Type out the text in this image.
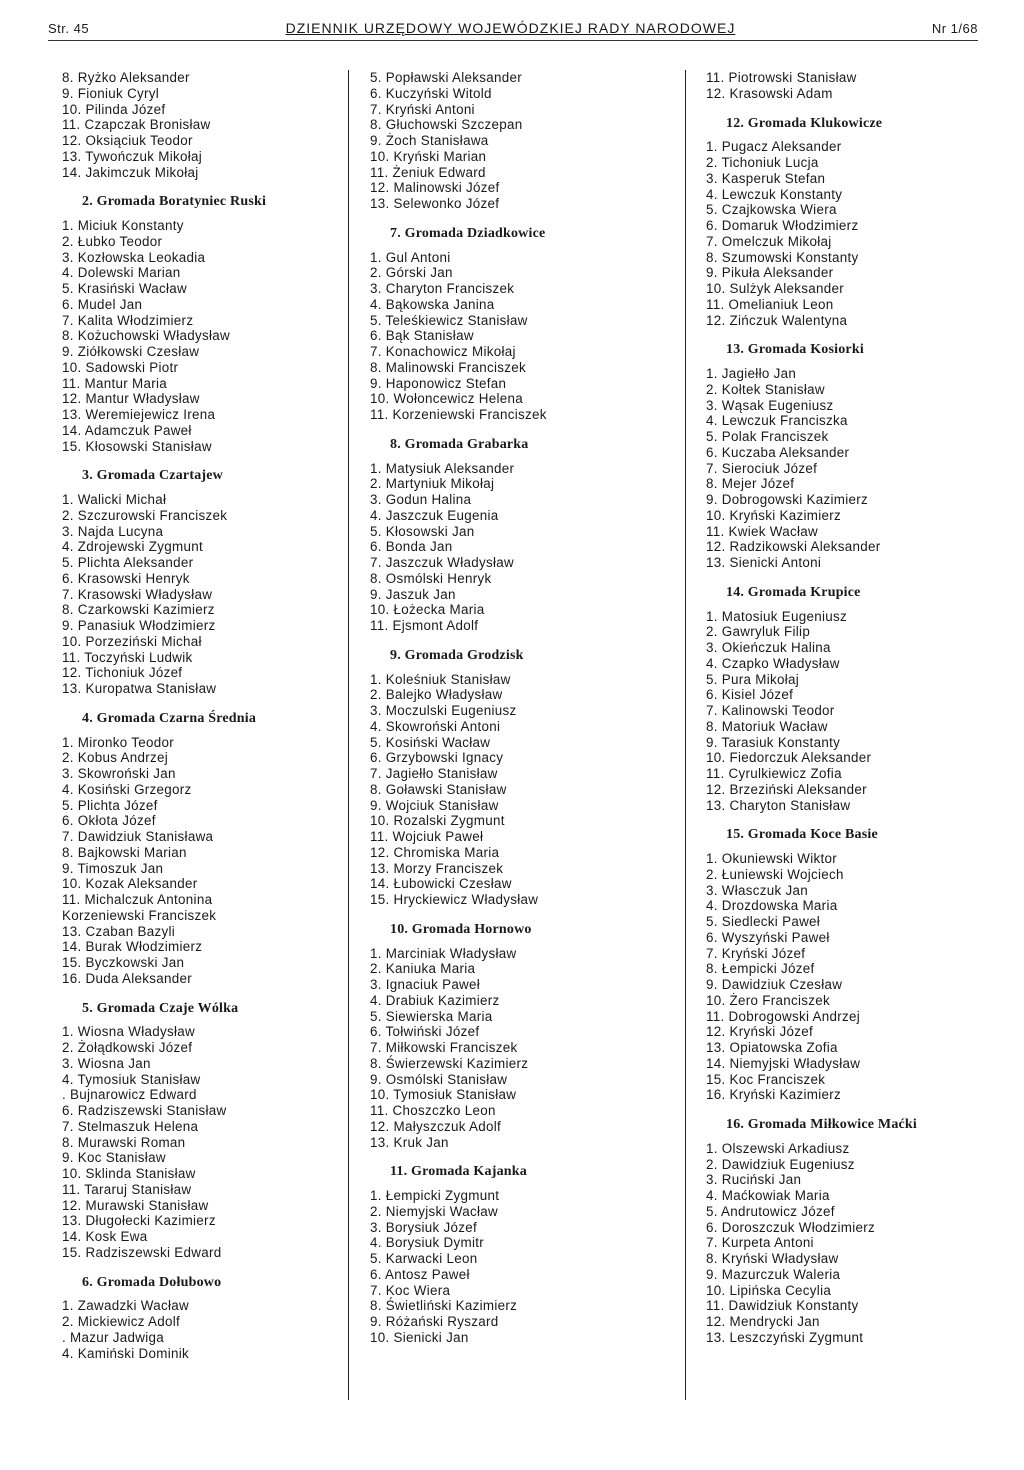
Str. 45	DZIENNIK URZĘDOWY WOJEWÓDZKIEJ RADY NARODOWEJ	Nr 1/68
8. Ryżko Aleksander
9. Fioniuk Cyryl
10. Pilinda Józef
11. Czapczak Bronisław
12. Oksiąciuk Teodor
13. Tywończuk Mikołaj
14. Jakimczuk Mikołaj
2. Gromada Boratyniec Ruski
1. Miciuk Konstanty
2. Łubko Teodor
3. Kozłowska Leokadia
4. Dolewski Marian
5. Krasiński Wacław
6. Mudel Jan
7. Kalita Włodzimierz
8. Kożuchowski Władysław
9. Ziółkowski Czesław
10. Sadowski Piotr
11. Mantur Maria
12. Mantur Władysław
13. Weremiejewicz Irena
14. Adamczuk Paweł
15. Kłosowski Stanisław
3. Gromada Czartajew
1. Walicki Michał
2. Szczurowski Franciszek
3. Najda Lucyna
4. Zdrojewski Zygmunt
5. Plichta Aleksander
6. Krasowski Henryk
7. Krasowski Władysław
8. Czarkowski Kazimierz
9. Panasiuk Włodzimierz
10. Porzeziński Michał
11. Toczyński Ludwik
12. Tichoniuk Józef
13. Kuropatwa Stanisław
4. Gromada Czarna Średnia
1. Mironko Teodor
2. Kobus Andrzej
3. Skowroński Jan
4. Kosiński Grzegorz
5. Plichta Józef
6. Okłota Józef
7. Dawidziuk Stanisława
8. Bajkowski Marian
9. Timoszuk Jan
10. Kozak Aleksander
11. Michalczuk Antonina
Korzeniewski Franciszek
13. Czaban Bazyli
14. Burak Włodzimierz
15. Byczkowski Jan
16. Duda Aleksander
5. Gromada Czaje Wólka
1. Wiosna Władysław
2. Żołądkowski Józef
3. Wiosna Jan
4. Tymosiuk Stanisław
. Bujnarowicz Edward
6. Radziszewski Stanisław
7. Stelmaszuk Helena
8. Murawski Roman
9. Koc Stanisław
10. Sklinda Stanisław
11. Tararuj Stanisław
12. Murawski Stanisław
13. Długołecki Kazimierz
14. Kosk Ewa
15. Radziszewski Edward
6. Gromada Dołubowo
1. Zawadzki Wacław
2. Mickiewicz Adolf
. Mazur Jadwiga
4. Kamiński Dominik
5. Popławski Aleksander
6. Kuczyński Witold
7. Kryński Antoni
8. Głuchowski Szczepan
9. Żoch Stanisława
10. Kryński Marian
11. Żeniuk Edward
12. Malinowski Józef
13. Selewonko Józef
7. Gromada Dziadkowice
1. Gul Antoni
2. Górski Jan
3. Charyton Franciszek
4. Bąkowska Janina
5. Teleśkiewicz Stanisław
6. Bąk Stanisław
7. Konachowicz Mikołaj
8. Malinowski Franciszek
9. Haponowicz Stefan
10. Wołoncewicz Helena
11. Korzeniewski Franciszek
8. Gromada Grabarka
1. Matysiuk Aleksander
2. Martyniuk Mikołaj
3. Godun Halina
4. Jaszczuk Eugenia
5. Kłosowski Jan
6. Bonda Jan
7. Jaszczuk Władysław
8. Osmólski Henryk
9. Jaszuk Jan
10. Łożecka Maria
11. Ejsmont Adolf
9. Gromada Grodzisk
1. Koleśniuk Stanisław
2. Balejko Władysław
3. Moczulski Eugeniusz
4. Skowroński Antoni
5. Kosiński Wacław
6. Grzybowski Ignacy
7. Jagiełło Stanisław
8. Goławski Stanisław
9. Wojciuk Stanisław
10. Rozalski Zygmunt
11. Wojciuk Paweł
12. Chromiska Maria
13. Morzy Franciszek
14. Łubowicki Czesław
15. Hryckiewicz Władysław
10. Gromada Hornowo
1. Marciniak Władysław
2. Kaniuka Maria
3. Ignaciuk Paweł
4. Drabiuk Kazimierz
5. Siewierska Maria
6. Tołwiński Józef
7. Miłkowski Franciszek
8. Świerzewski Kazimierz
9. Osmólski Stanisław
10. Tymosiuk Stanisław
11. Choszczko Leon
12. Małyszczuk Adolf
13. Kruk Jan
11. Gromada Kajanka
1. Łempicki Zygmunt
2. Niemyjski Wacław
3. Borysiuk Józef
4. Borysiuk Dymitr
5. Karwacki Leon
6. Antosz Paweł
7. Koc Wiera
8. Świetliński Kazimierz
9. Różański Ryszard
10. Sienicki Jan
11. Piotrowski Stanisław
12. Krasowski Adam
12. Gromada Klukowicze
1. Pugacz Aleksander
2. Tichoniuk Lucja
3. Kasperuk Stefan
4. Lewczuk Konstanty
5. Czajkowska Wiera
6. Domaruk Włodzimierz
7. Omelczuk Mikołaj
8. Szumowski Konstanty
9. Pikuła Aleksander
10. Sulżyk Aleksander
11. Omelianiuk Leon
12. Zińczuk Walentyna
13. Gromada Kosiorki
1. Jagiełło Jan
2. Kołtek Stanisław
3. Wąsak Eugeniusz
4. Lewczuk Franciszka
5. Polak Franciszek
6. Kuczaba Aleksander
7. Sierociuk Józef
8. Mejer Józef
9. Dobrogowski Kazimierz
10. Kryński Kazimierz
11. Kwiek Wacław
12. Radzikowski Aleksander
13. Sienicki Antoni
14. Gromada Krupice
1. Matosiuk Eugeniusz
2. Gawryluk Filip
3. Okieńczuk Halina
4. Czapko Władysław
5. Pura Mikołaj
6. Kisiel Józef
7. Kalinowski Teodor
8. Matoriuk Wacław
9. Tarasiuk Konstanty
10. Fiedorczuk Aleksander
11. Cyrulkiewicz Zofia
12. Brzeziński Aleksander
13. Charyton Stanisław
15. Gromada Koce Basie
1. Okuniewski Wiktor
2. Łuniewski Wojciech
3. Własczuk Jan
4. Drozdowska Maria
5. Siedlecki Paweł
6. Wyszyński Paweł
7. Kryński Józef
8. Łempicki Józef
9. Dawidziuk Czesław
10. Żero Franciszek
11. Dobrogowski Andrzej
12. Kryński Józef
13. Opiatowska Zofia
14. Niemyjski Władysław
15. Koc Franciszek
16. Kryński Kazimierz
16. Gromada Miłkowice Maćki
1. Olszewski Arkadiusz
2. Dawidziuk Eugeniusz
3. Ruciński Jan
4. Maćkowiak Maria
5. Andrutowicz Józef
6. Doroszczuk Włodzimierz
7. Kurpeta Antoni
8. Kryński Władysław
9. Mazurczuk Waleria
10. Lipińska Cecylia
11. Dawidziuk Konstanty
12. Mendrycki Jan
13. Leszczyński Zygmunt
